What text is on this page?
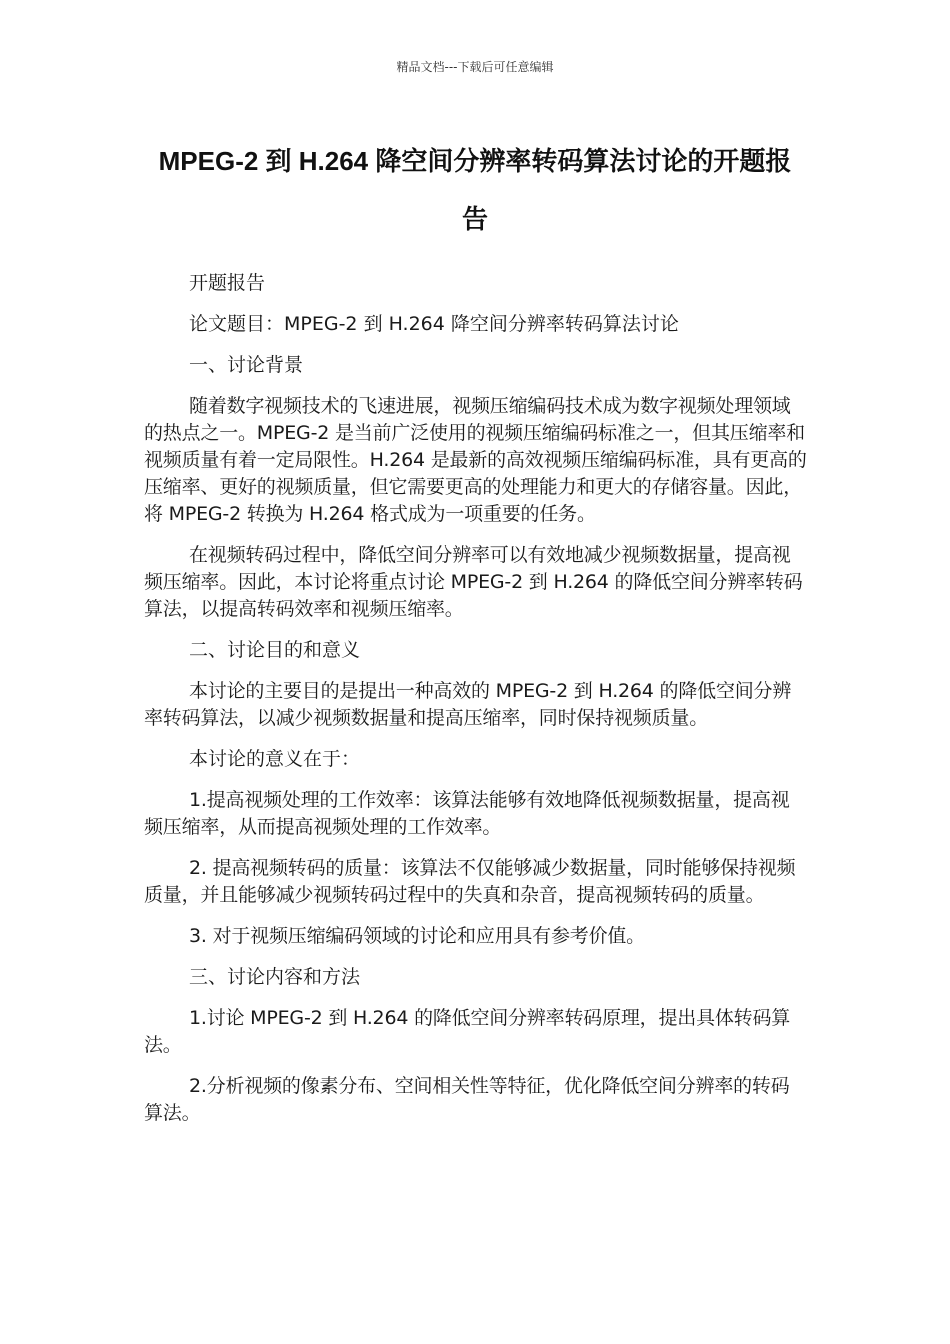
精品文档---下载后可任意编辑
MPEG-2 到 H.264 降空间分辨率转码算法讨论的开题报告

开题报告

论文题目：MPEG-2 到 H.264 降空间分辨率转码算法讨论

一、讨论背景

随着数字视频技术的飞速进展，视频压缩编码技术成为数字视频处理领域的热点之一。MPEG-2 是当前广泛使用的视频压缩编码标准之一，但其压缩率和视频质量有着一定局限性。H.264 是最新的高效视频压缩编码标准，具有更高的压缩率、更好的视频质量，但它需要更高的处理能力和更大的存储容量。因此，将 MPEG-2 转换为 H.264 格式成为一项重要的任务。

在视频转码过程中，降低空间分辨率可以有效地减少视频数据量，提高视频压缩率。因此，本讨论将重点讨论 MPEG-2 到 H.264 的降低空间分辨率转码算法，以提高转码效率和视频压缩率。

二、讨论目的和意义

本讨论的主要目的是提出一种高效的 MPEG-2 到 H.264 的降低空间分辨率转码算法，以减少视频数据量和提高压缩率，同时保持视频质量。

本讨论的意义在于：

1.提高视频处理的工作效率：该算法能够有效地降低视频数据量，提高视频压缩率，从而提高视频处理的工作效率。

2. 提高视频转码的质量：该算法不仅能够减少数据量，同时能够保持视频质量，并且能够减少视频转码过程中的失真和杂音，提高视频转码的质量。

3. 对于视频压缩编码领域的讨论和应用具有参考价值。

三、讨论内容和方法

1.讨论 MPEG-2 到 H.264 的降低空间分辨率转码原理，提出具体转码算法。

2.分析视频的像素分布、空间相关性等特征，优化降低空间分辨率的转码算法。
